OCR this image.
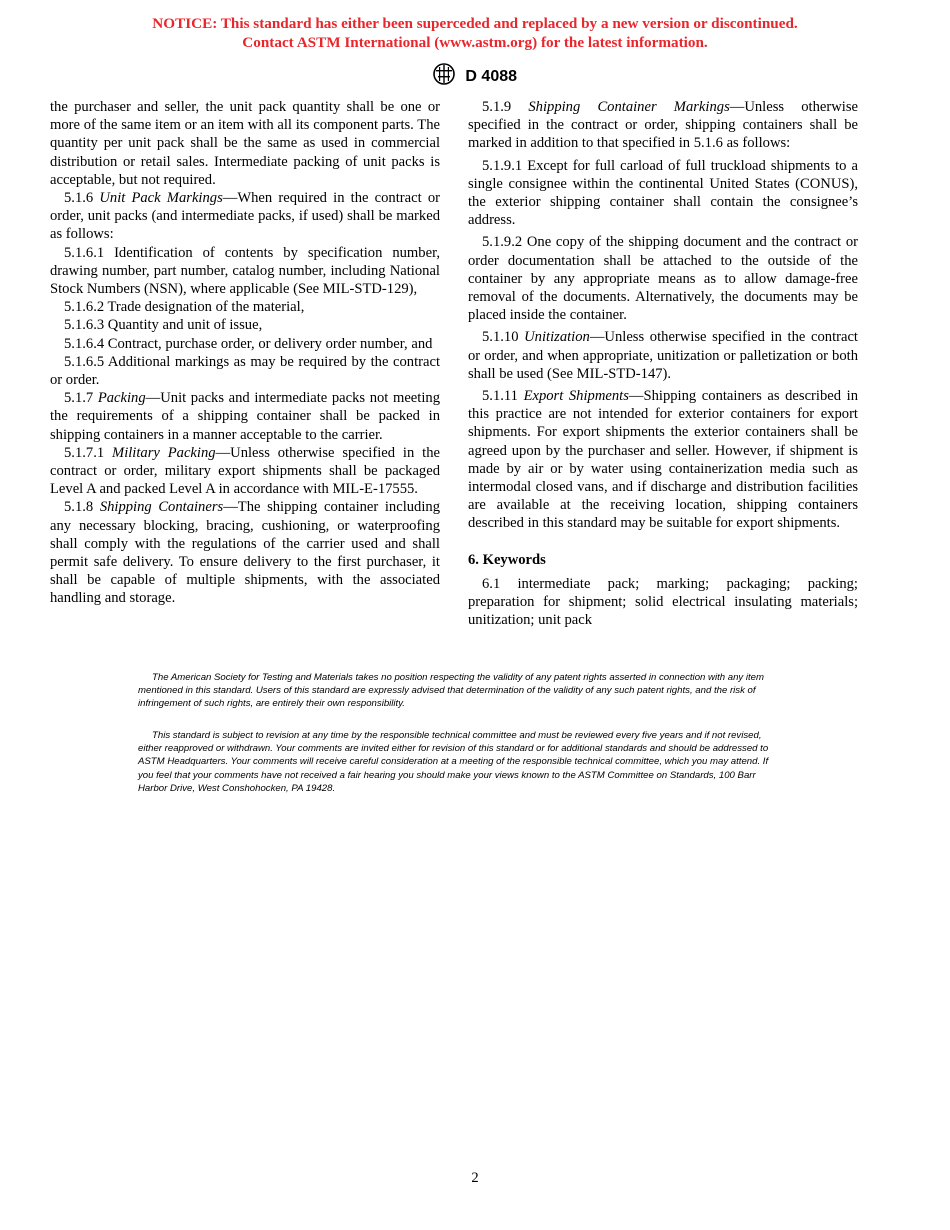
NOTICE: This standard has either been superceded and replaced by a new version or discontinued.
Contact ASTM International (www.astm.org) for the latest information.
D 4088

the purchaser and seller, the unit pack quantity shall be one or more of the same item or an item with all its component parts. The quantity per unit pack shall be the same as used in commercial distribution or retail sales. Intermediate packing of unit packs is acceptable, but not required.

5.1.6 Unit Pack Markings—When required in the contract or order, unit packs (and intermediate packs, if used) shall be marked as follows:

5.1.6.1 Identification of contents by specification number, drawing number, part number, catalog number, including National Stock Numbers (NSN), where applicable (See MIL-STD-129),

5.1.6.2 Trade designation of the material,

5.1.6.3 Quantity and unit of issue,

5.1.6.4 Contract, purchase order, or delivery order number, and

5.1.6.5 Additional markings as may be required by the contract or order.

5.1.7 Packing—Unit packs and intermediate packs not meeting the requirements of a shipping container shall be packed in shipping containers in a manner acceptable to the carrier.

5.1.7.1 Military Packing—Unless otherwise specified in the contract or order, military export shipments shall be packaged Level A and packed Level A in accordance with MIL-E-17555.

5.1.8 Shipping Containers—The shipping container including any necessary blocking, bracing, cushioning, or waterproofing shall comply with the regulations of the carrier used and shall permit safe delivery. To ensure delivery to the first purchaser, it shall be capable of multiple shipments, with the associated handling and storage.

5.1.9 Shipping Container Markings—Unless otherwise specified in the contract or order, shipping containers shall be marked in addition to that specified in 5.1.6 as follows:

5.1.9.1 Except for full carload of full truckload shipments to a single consignee within the continental United States (CONUS), the exterior shipping container shall contain the consignee’s address.

5.1.9.2 One copy of the shipping document and the contract or order documentation shall be attached to the outside of the container by any appropriate means as to allow damage-free removal of the documents. Alternatively, the documents may be placed inside the container.

5.1.10 Unitization—Unless otherwise specified in the contract or order, and when appropriate, unitization or palletization or both shall be used (See MIL-STD-147).

5.1.11 Export Shipments—Shipping containers as described in this practice are not intended for exterior containers for export shipments. For export shipments the exterior containers shall be agreed upon by the purchaser and seller. However, if shipment is made by air or by water using containerization media such as intermodal closed vans, and if discharge and distribution facilities are available at the receiving location, shipping containers described in this standard may be suitable for export shipments.

6. Keywords

6.1 intermediate pack; marking; packaging; packing; preparation for shipment; solid electrical insulating materials; unitization; unit pack

The American Society for Testing and Materials takes no position respecting the validity of any patent rights asserted in connection with any item mentioned in this standard. Users of this standard are expressly advised that determination of the validity of any such patent rights, and the risk of infringement of such rights, are entirely their own responsibility.

This standard is subject to revision at any time by the responsible technical committee and must be reviewed every five years and if not revised, either reapproved or withdrawn. Your comments are invited either for revision of this standard or for additional standards and should be addressed to ASTM Headquarters. Your comments will receive careful consideration at a meeting of the responsible technical committee, which you may attend. If you feel that your comments have not received a fair hearing you should make your views known to the ASTM Committee on Standards, 100 Barr Harbor Drive, West Conshohocken, PA 19428.

2
